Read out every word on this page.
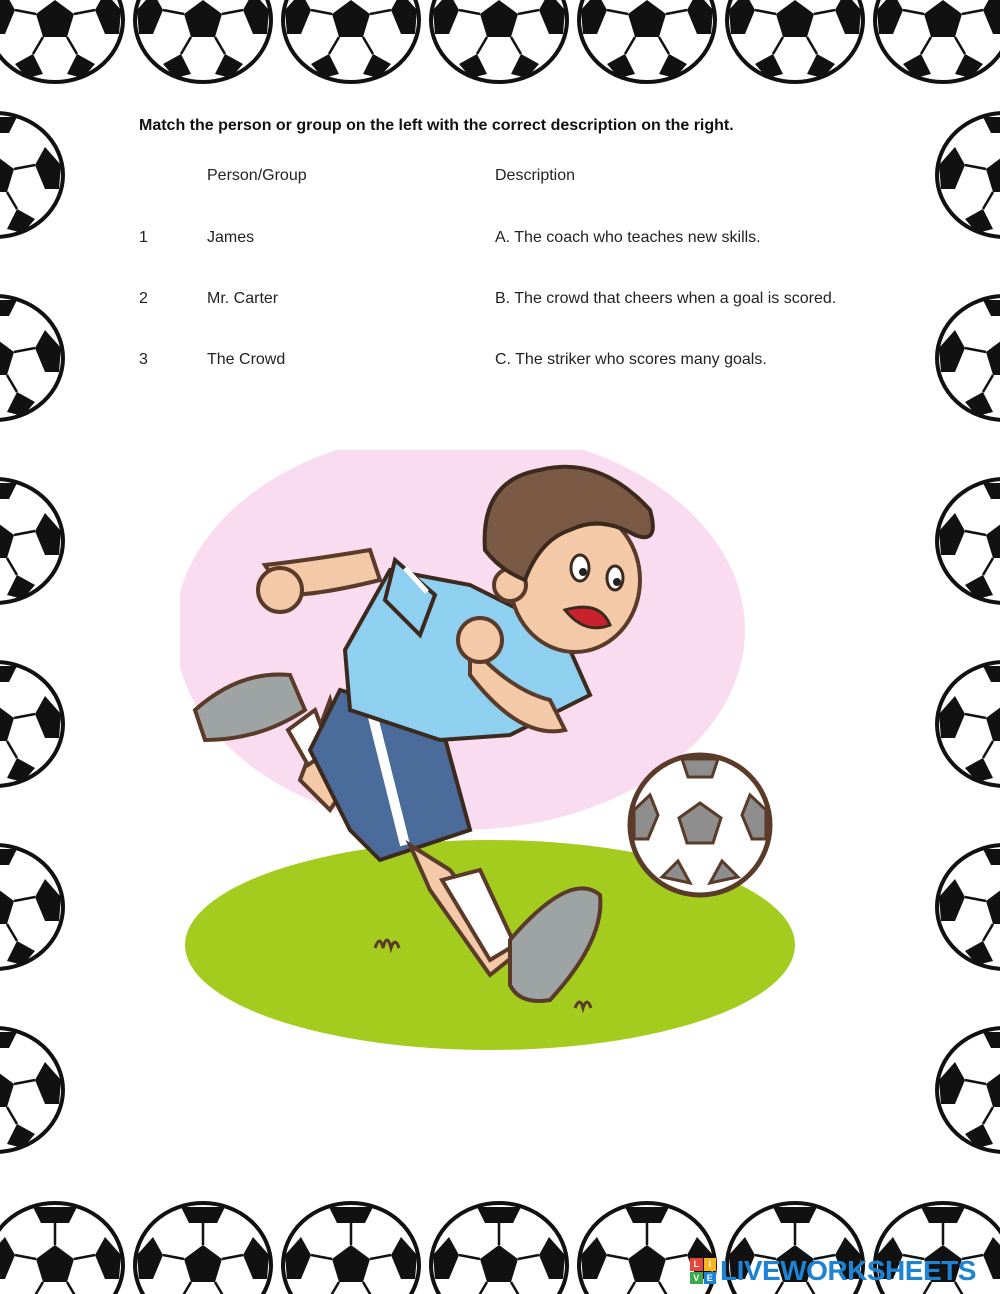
Match the person or group on the left with the correct description on the right.
Person/Group	Description
1	James	A. The coach who teaches new skills.
2	Mr. Carter	B. The crowd that cheers when a goal is scored.
3	The Crowd	C. The striker who scores many goals.
L	I
V E LIVEWORKSHEETS
